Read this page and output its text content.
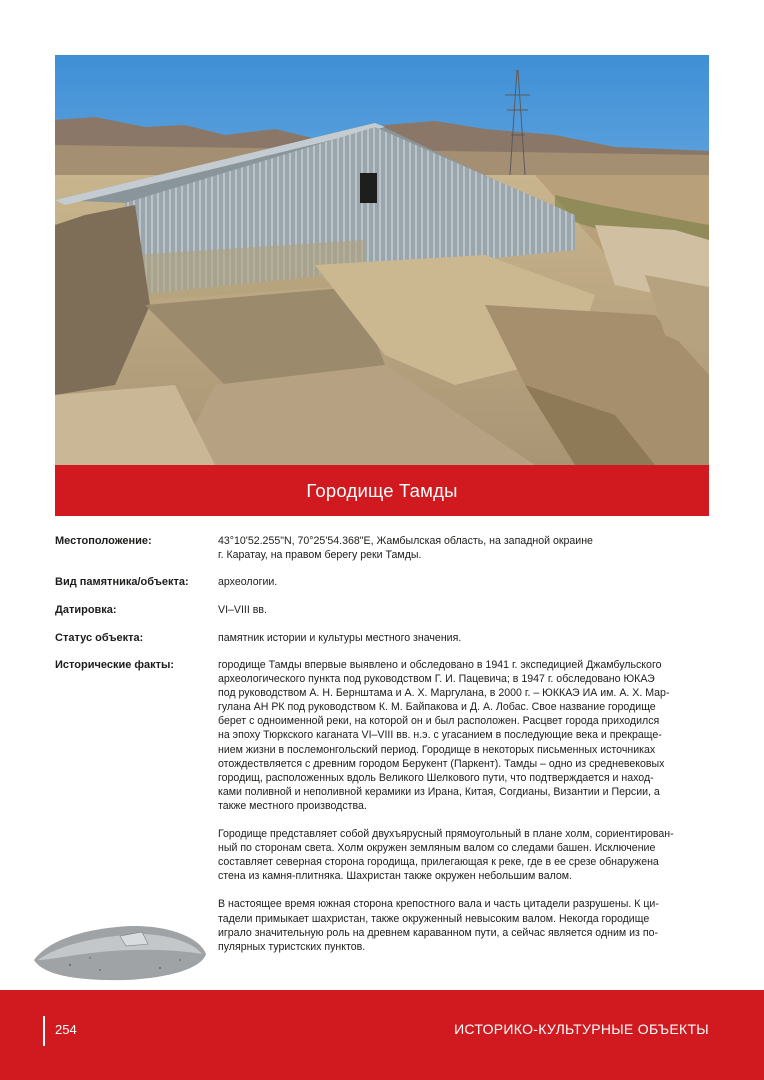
Городище Тамды
Местоположение:	43°10'52.255"N, 70°25'54.368"E, Жамбылская область, на западной окраине

г. Каратау, на правом берегу реки Тамды.

Вид памятника/объекта:	археологии.

Датировка:	VI–VIII вв.

Статус объекта:	памятник истории и культуры местного значения.

Исторические факты:	городище Тамды впервые выявлено и обследовано в 1941 г. экспедицией Джамбульского

археологического пункта под руководством Г. И. Пацевича; в 1947 г. обследовано ЮКАЭ

под руководством А. Н. Бернштама и А. Х. Маргулана, в 2000 г. – ЮККАЭ ИА им. А. Х. Мар-

гулана АН РК под руководством К. М. Байпакова и Д. А. Лобас. Свое название городище

берет с одноименной реки, на которой он и был расположен. Расцвет города приходился

на эпоху Тюркского каганата VI–VIII вв. н.э. с угасанием в последующие века и прекраще-

нием жизни в послемонгольский период. Городище в некоторых письменных источниках

отождествляется с древним городом Берукент (Паркент). Тамды – одно из средневековых

городищ, расположенных вдоль Великого Шелкового пути, что подтверждается и наход-

ками поливной и неполивной керамики из Ирана, Китая, Согдианы, Византии и Персии, а

также местного производства.

Городище представляет собой двухъярусный прямоугольный в плане холм, сориентирован-

ный по сторонам света. Холм окружен земляным валом со следами башен. Исключение

составляет северная сторона городища, прилегающая к реке, где в ее срезе обнаружена

стена из камня-плитняка. Шахристан также окружен небольшим валом.

В настоящее время южная сторона крепостного вала и часть цитадели разрушены. К ци-

тадели примыкает шахристан, также окруженный невысоким валом. Некогда городище

играло значительную роль на древнем караванном пути, а сейчас является одним из по-

пулярных туристских пунктов.

254	ИСТОРИКО-КУЛЬТУРНЫЕ ОБЪЕКТЫ
